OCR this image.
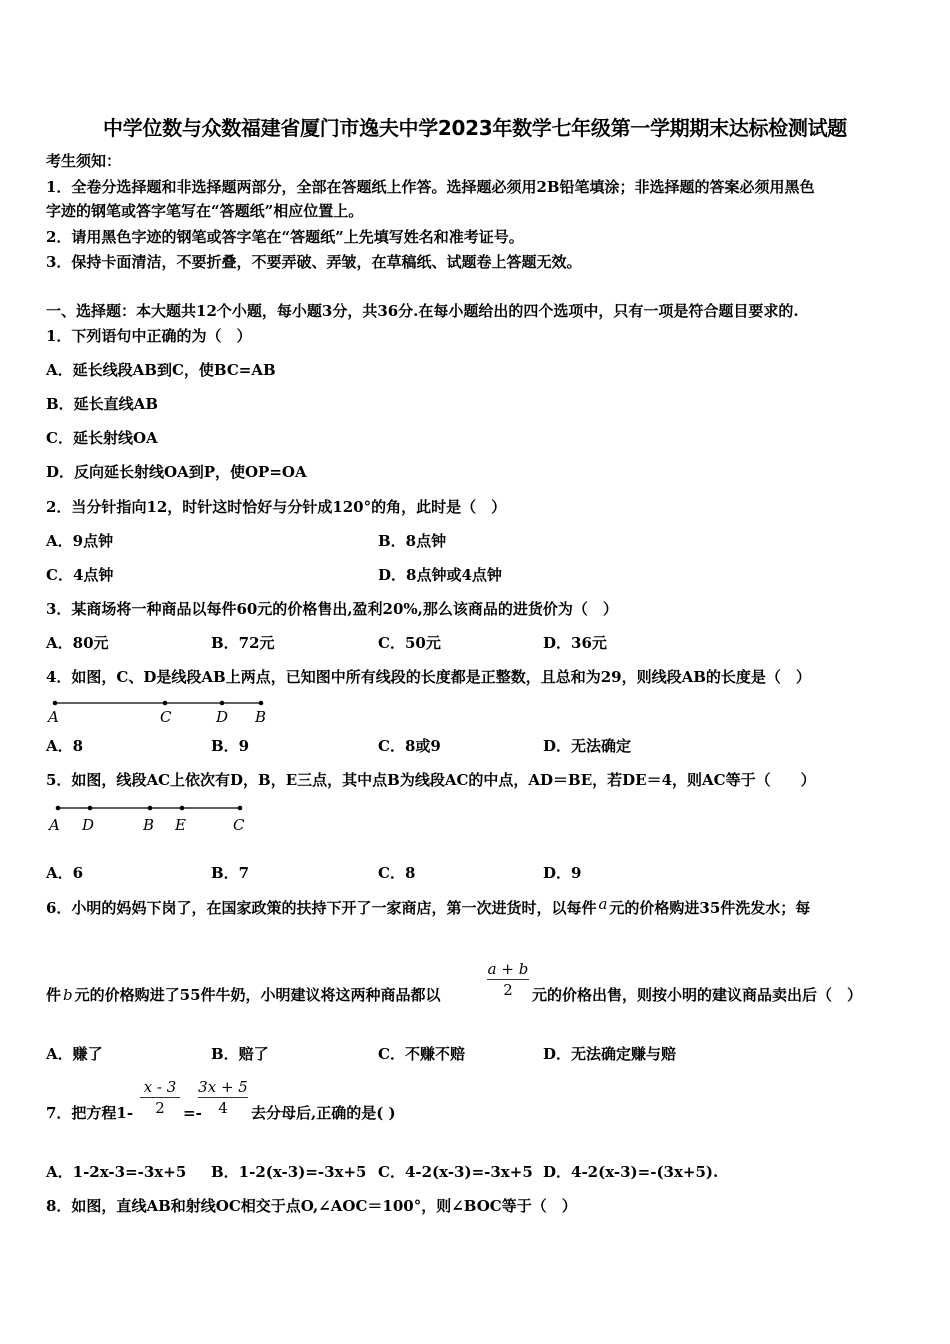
中学位数与众数福建省厦门市逸夫中学2023年数学七年级第一学期期末达标检测试题
考生须知：
1．全卷分选择题和非选择题两部分，全部在答题纸上作答。选择题必须用2B铅笔填涂；非选择题的答案必须用黑色
字迹的钢笔或答字笔写在“答题纸”相应位置上。
2．请用黑色字迹的钢笔或答字笔在“答题纸”上先填写姓名和准考证号。
3．保持卡面清洁，不要折叠，不要弄破、弄皱，在草稿纸、试题卷上答题无效。
一、选择题：本大题共12个小题，每小题3分，共36分.在每小题给出的四个选项中，只有一项是符合题目要求的.
1．下列语句中正确的为（　）
A．延长线段AB到C，使BC=AB
B．延长直线AB
C．延长射线OA
D．反向延长射线OA到P，使OP=OA
2．当分针指向12，时针这时恰好与分针成120°的角，此时是（　）
A．9点钟	B．8点钟
C．4点钟	D．8点钟或4点钟
3．某商场将一种商品以每件60元的价格售出,盈利20%,那么该商品的进货价为（　）
A．80元	B．72元	C．50元	D．36元
4．如图，C、D是线段AB上两点，已知图中所有线段的长度都是正整数，且总和为29，则线段AB的长度是（　）
A	C	D B
A．8	B．9	C．8或9	D．无法确定
5．如图，线段AC上依次有D，B，E三点，其中点B为线段AC的中点，AD＝BE，若DE＝4，则AC等于（　　）
A D	B E	C
A．6	B．7	C．8	D．9
6．小明的妈妈下岗了，在国家政策的扶持下开了一家商店，第一次进货时，以每件 a 元的价格购进35件洗发水；每
件 b 元的价格购进了55件牛奶，小明建议将这两种商品都以
a + b
2	元的价格出售，则按小明的建议商品卖出后（　）
A．赚了	B．赔了	C．不赚不赔	D．无法确定赚与赔
7．把方程1-
x - 3
2	=-
3x + 5
4	去分母后,正确的是( )
A．1-2x-3=-3x+5 B．1-2(x-3)=-3x+5 C．4-2(x-3)=-3x+5 D．4-2(x-3)=-(3x+5).
8．如图，直线AB和射线OC相交于点O,∠AOC＝100°，则∠BOC等于（　）
